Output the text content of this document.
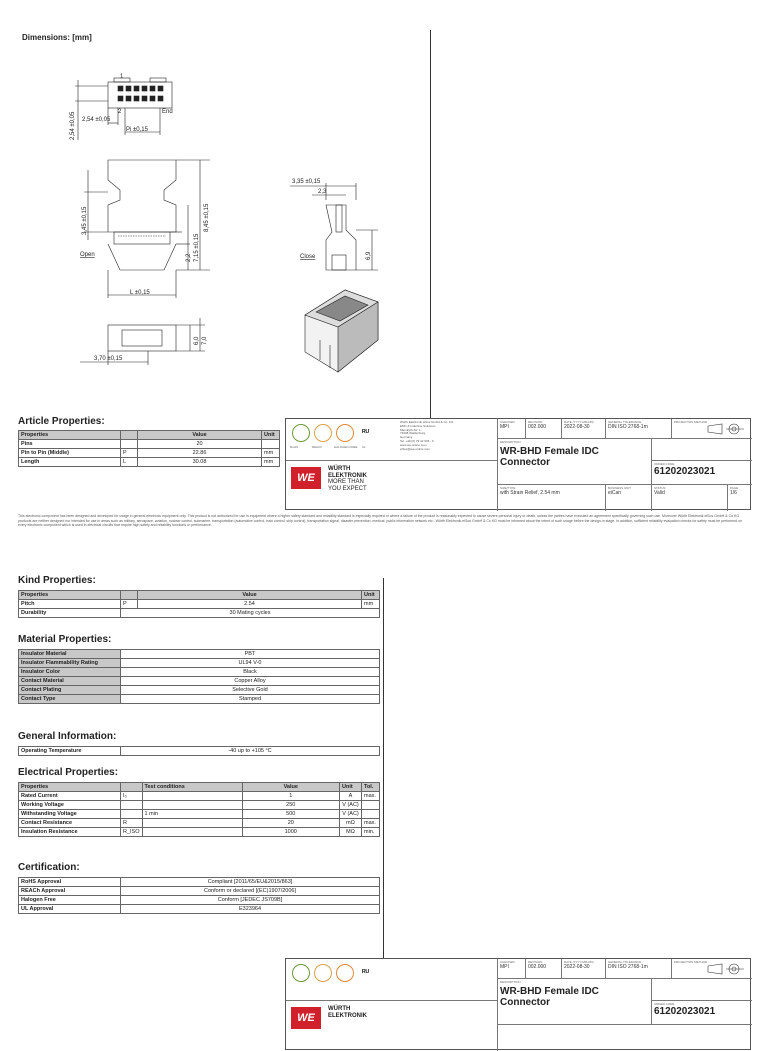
Dimensions: [mm]
1
2	End
2,54 ±0,05
Pi ±0,15
2,54 ±0,05
3,45 ±0,15
7,15 ±0,15
8,45 ±0,15
2,2
Open
L ±0,15
6,0 7,0
3,70 ±0,15
3,35 ±0,15
2,3
6,9
Close
Article Properties:
Properties		Value	Unit
Pins		20	
Pin to Pin (Middle)	P	22.86	mm
Length	L	30.08	mm
ᴿᵁ
RoHS	REACh	HALOGEN FREE UL
WE
WÜRTH
ELEKTRONIK
MORE THAN
YOU EXPECT
Würth Elektronik eiSos GmbH & Co. KG
EMC & Inductive Solutions
Max-Eyth-Str. 1
74638 Waldenburg
Germany
Tel. +49 (0) 79 42 945 - 0
www.we-online.com
eiSos@we-online.com
CHECKED
MPI
REVISION
002.000
DATE (YYYY-MM-DD)
2022-08-30
GENERAL TOLERANCE
DIN ISO 2768-1m
PROJECTION METHOD
DESCRIPTION
WR-BHD Female IDC Connector	ORDER CODE
61202023021
SIZE/TYPE
with Strain Relief, 2.54 mm
BUSINESS UNIT
eiCan
STATUS
Valid
PAGE
1/6
This electronic component has been designed and developed for usage in general electronic equipment only. This product is not authorized for use in equipment where a higher safety standard and reliability standard is especially required or where a failure of the product is reasonably expected to cause severe personal injury or death, unless the parties have executed an agreement specifically governing such use. Moreover Würth Elektronik eiSos GmbH & Co KG products are neither designed nor intended for use in areas such as military, aerospace, aviation, nuclear control, submarine, transportation (automotive control, train control, ship control), transportation signal, disaster prevention, medical, public information network etc.. Würth Elektronik eiSos GmbH & Co KG must be informed about the intent of such usage before the design-in stage. In addition, sufficient reliability evaluation checks for safety must be performed on every electronic component which is used in electrical circuits that require high safety and reliability functions or performance.
Kind Properties:
Properties		Value	Unit
Pitch	P	2.54	mm
Durability	30 Mating cycles		
Material Properties:
Insulator Material	PBT
Insulator Flammability Rating	UL94 V-0
Insulator Color	Black
Contact Material	Copper Alloy
Contact Plating	Selective Gold
Contact Type	Stamped
General Information:
Operating Temperature	-40 up to +105 °C
Electrical Properties:
Properties		Test conditions	Value	Unit	Tol.
Rated Current	I₀		1	A	max.
Working Voltage			250	V (AC)	
Withstanding Voltage		1 min	500	V (AC)	
Contact Resistance	R		20	mΩ	max.
Insulation Resistance	R_ISO		1000	MΩ	min.
Certification:
RoHS Approval	Compliant [2011/65/EU&2015/863]
REACh Approval	Conform or declared [(EC)1907/2006]
Halogen Free	Conform [JEDEC JS709B]
UL Approval	E323964
ᴿᵁ
WE
WÜRTH
ELEKTRONIK
CHECKED
MPI
REVISION
002.000
DATE (YYYY-MM-DD)
2022-08-30
GENERAL TOLERANCE
DIN ISO 2768-1m
PROJECTION METHOD
DESCRIPTION
WR-BHD Female IDC Connector	ORDER CODE
61202023021
